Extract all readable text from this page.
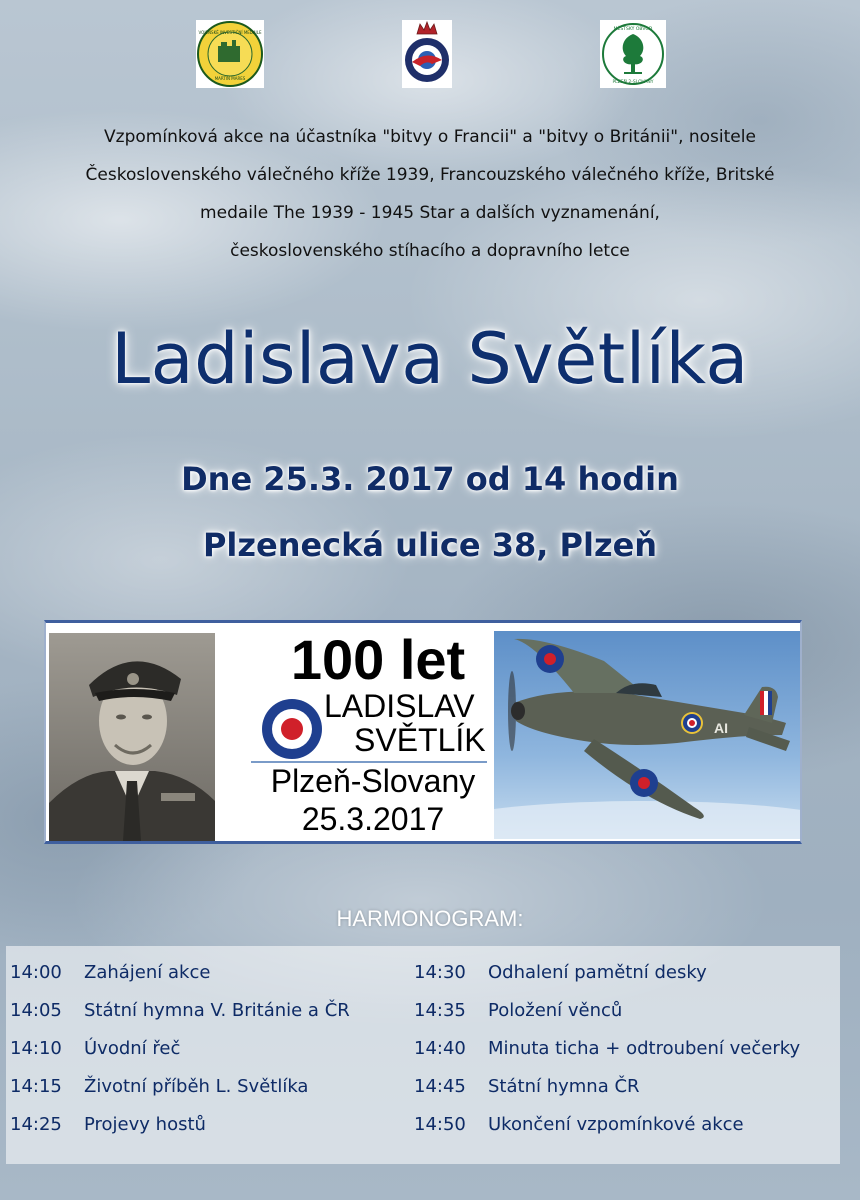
VOJENSKÉ INVESTIČNÍ MEDAILE
MARTIN MARES
MĚSTSKÝ OBVOD
PLZEŇ 2-SLOVANY
Vzpomínková akce na účastníka "bitvy o Francii" a "bitvy o Británii", nositele
Československého válečného kříže 1939, Francouzského válečného kříže, Britské
medaile The 1939 - 1945 Star a dalších vyznamenání,
československého stíhacího a dopravního letce
Ladislava Světlíka
Dne 25.3. 2017 od 14 hodin
Plzenecká ulice 38, Plzeň
100 let
LADISLAV
SVĚTLÍK
Plzeň-Slovany
25.3.2017
AI
HARMONOGRAM:
14:00	Zahájení akce
14:05	Státní hymna V. Británie a ČR
14:10	Úvodní řeč
14:15	Životní příběh L. Světlíka
14:25	Projevy hostů
14:30	Odhalení pamětní desky
14:35	Položení věnců
14:40	Minuta ticha + odtroubení večerky
14:45	Státní hymna ČR
14:50	Ukončení vzpomínkové akce
